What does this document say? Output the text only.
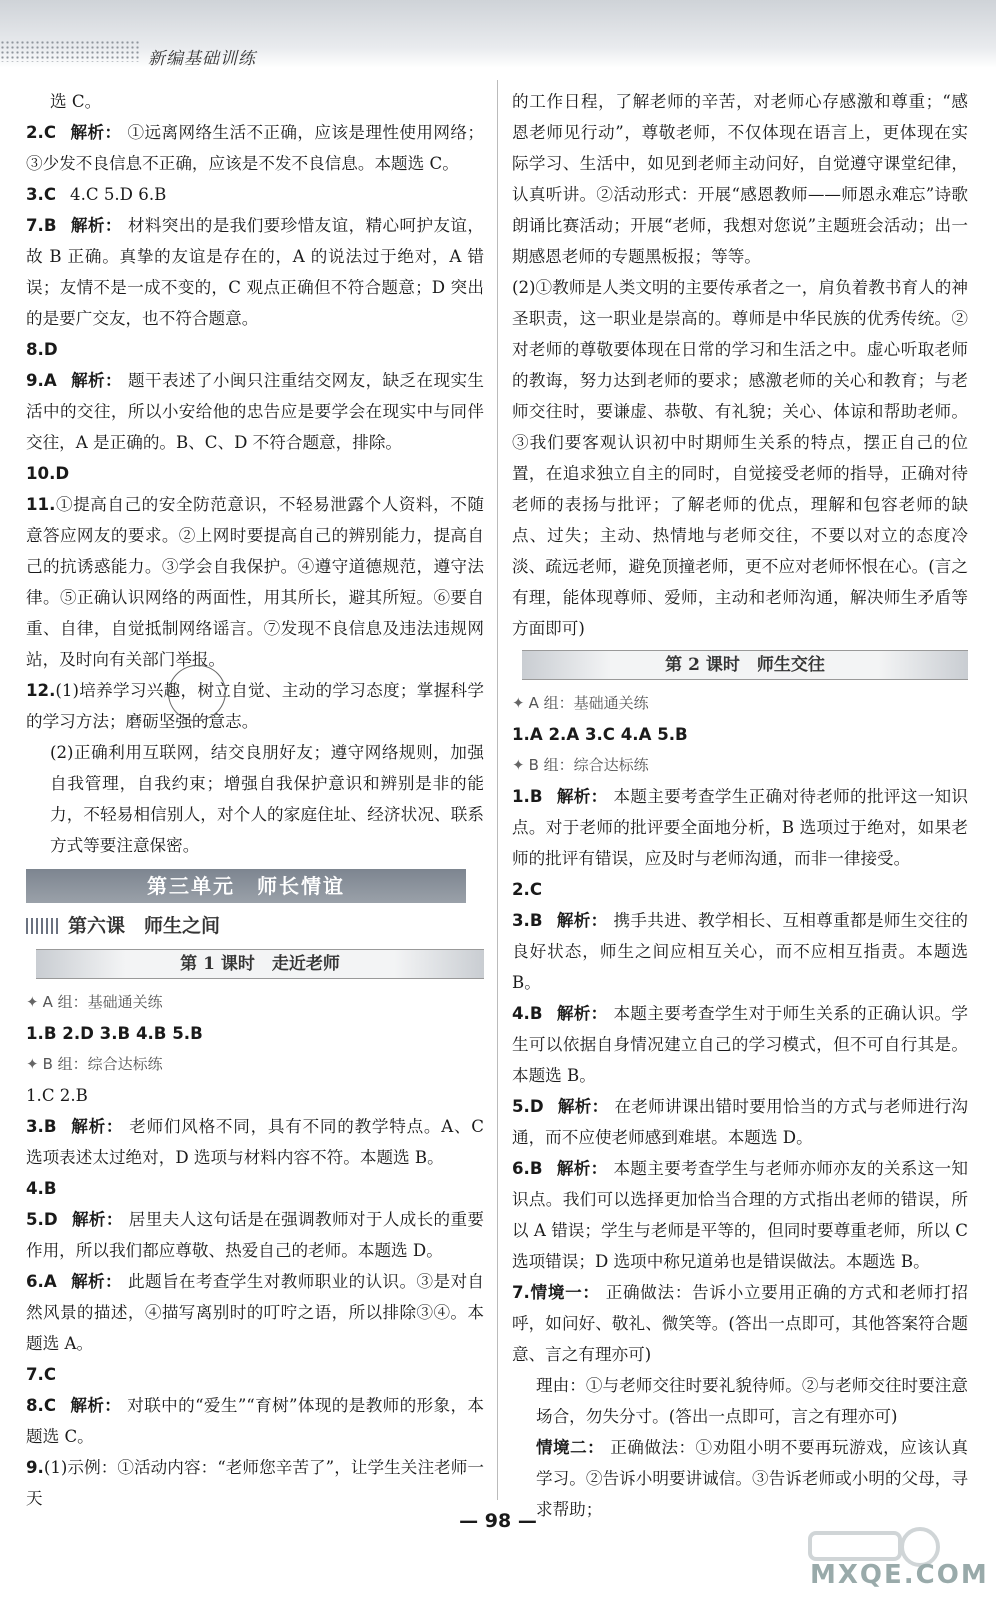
新编基础训练
选 C。
2.C 解析： ①远离网络生活不正确，应该是理性使用网络；③少发不良信息不正确，应该是不发不良信息。本题选 C。
3.C 4.C 5.D 6.B
7.B 解析： 材料突出的是我们要珍惜友谊，精心呵护友谊，故 B 正确。真挚的友谊是存在的，A 的说法过于绝对，A 错误；友情不是一成不变的，C 观点正确但不符合题意；D 突出的是要广交友，也不符合题意。
8.D
9.A 解析： 题干表述了小闽只注重结交网友，缺乏在现实生活中的交往，所以小安给他的忠告应是要学会在现实中与同伴交往，A 是正确的。B、C、D 不符合题意，排除。
10.D
11.①提高自己的安全防范意识，不轻易泄露个人资料，不随意答应网友的要求。②上网时要提高自己的辨别能力，提高自己的抗诱惑能力。③学会自我保护。④遵守道德规范，遵守法律。⑤正确认识网络的两面性，用其所长，避其所短。⑥要自重、自律，自觉抵制网络谣言。⑦发现不良信息及违法违规网站，及时向有关部门举报。
12.(1)培养学习兴趣，树立自觉、主动的学习态度；掌握科学的学习方法；磨砺坚强的意志。
(2)正确利用互联网，结交良朋好友；遵守网络规则，加强自我管理，自我约束；增强自我保护意识和辨别是非的能力，不轻易相信别人，对个人的家庭住址、经济状况、联系方式等要注意保密。
第三单元　师长情谊
第六课　师生之间
第 1 课时　走近老师
✦ A 组：基础通关练
1.B 2.D 3.B 4.B 5.B
✦ B 组：综合达标练
1.C 2.B
3.B 解析： 老师们风格不同，具有不同的教学特点。A、C 选项表述太过绝对，D 选项与材料内容不符。本题选 B。
4.B
5.D 解析： 居里夫人这句话是在强调教师对于人成长的重要作用，所以我们都应尊敬、热爱自己的老师。本题选 D。
6.A 解析： 此题旨在考查学生对教师职业的认识。③是对自然风景的描述，④描写离别时的叮咛之语，所以排除③④。本题选 A。
7.C
8.C 解析： 对联中的“爱生”“育树”体现的是教师的形象，本题选 C。
9.(1)示例：①活动内容：“老师您辛苦了”，让学生关注老师一天
的工作日程，了解老师的辛苦，对老师心存感激和尊重；“感恩老师见行动”，尊敬老师，不仅体现在语言上，更体现在实际学习、生活中，如见到老师主动问好，自觉遵守课堂纪律，认真听讲。②活动形式：开展“感恩教师——师恩永难忘”诗歌朗诵比赛活动；开展“老师，我想对您说”主题班会活动；出一期感恩老师的专题黑板报；等等。
(2)①教师是人类文明的主要传承者之一，肩负着教书育人的神圣职责，这一职业是崇高的。尊师是中华民族的优秀传统。②对老师的尊敬要体现在日常的学习和生活之中。虚心听取老师的教诲，努力达到老师的要求；感激老师的关心和教育；与老师交往时，要谦虚、恭敬、有礼貌；关心、体谅和帮助老师。③我们要客观认识初中时期师生关系的特点，摆正自己的位置，在追求独立自主的同时，自觉接受老师的指导，正确对待老师的表扬与批评；了解老师的优点，理解和包容老师的缺点、过失；主动、热情地与老师交往，不要以对立的态度冷淡、疏远老师，避免顶撞老师，更不应对老师怀恨在心。(言之有理，能体现尊师、爱师，主动和老师沟通，解决师生矛盾等方面即可)
第 2 课时　师生交往
✦ A 组：基础通关练
1.A 2.A 3.C 4.A 5.B
✦ B 组：综合达标练
1.B 解析： 本题主要考查学生正确对待老师的批评这一知识点。对于老师的批评要全面地分析，B 选项过于绝对，如果老师的批评有错误，应及时与老师沟通，而非一律接受。
2.C
3.B 解析： 携手共进、教学相长、互相尊重都是师生交往的良好状态，师生之间应相互关心，而不应相互指责。本题选 B。
4.B 解析： 本题主要考查学生对于师生关系的正确认识。学生可以依据自身情况建立自己的学习模式，但不可自行其是。本题选 B。
5.D 解析： 在老师讲课出错时要用恰当的方式与老师进行沟通，而不应使老师感到难堪。本题选 D。
6.B 解析： 本题主要考查学生与老师亦师亦友的关系这一知识点。我们可以选择更加恰当合理的方式指出老师的错误，所以 A 错误；学生与老师是平等的，但同时要尊重老师，所以 C 选项错误；D 选项中称兄道弟也是错误做法。本题选 B。
7.情境一： 正确做法：告诉小立要用正确的方式和老师打招呼，如问好、敬礼、微笑等。(答出一点即可，其他答案符合题意、言之有理亦可)
理由：①与老师交往时要礼貌待师。②与老师交往时要注意场合，勿失分寸。(答出一点即可，言之有理亦可)
情境二： 正确做法：①劝阻小明不要再玩游戏，应该认真学习。②告诉小明要讲诚信。③告诉老师或小明的父母，寻求帮助；
— 98 —
MXQE.COM
